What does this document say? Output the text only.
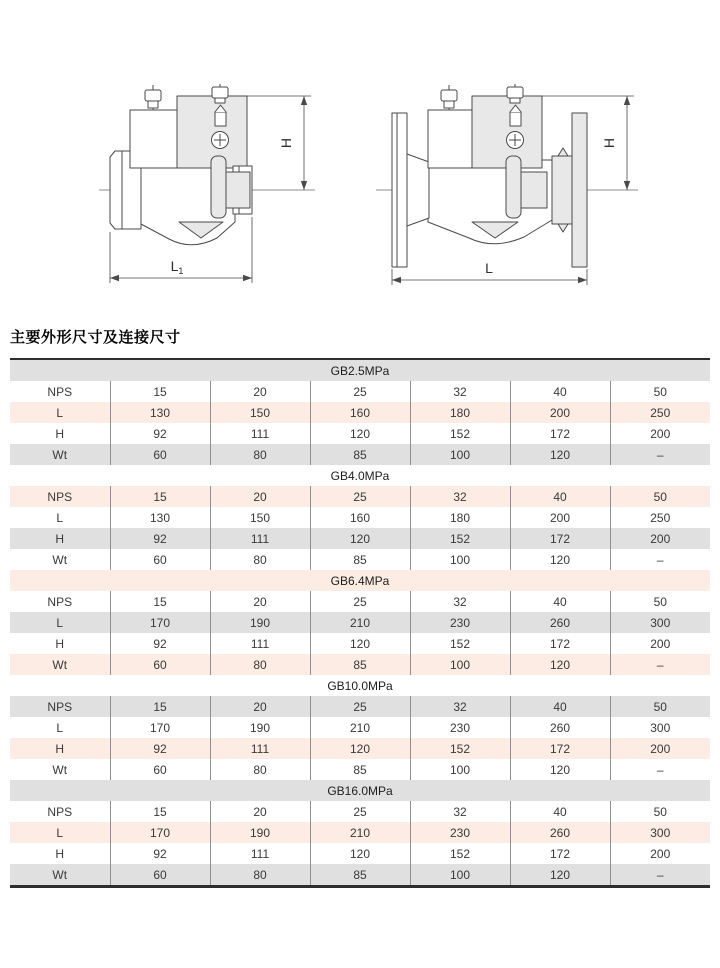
H
$L_1$
H
L
主要外形尺寸及连接尺寸
GB2.5MPa						
NPS	15	20	25	32	40	50
L	130	150	160	180	200	250
H	92	111	120	152	172	200
Wt	60	80	85	100	120	–
GB4.0MPa						
NPS	15	20	25	32	40	50
L	130	150	160	180	200	250
H	92	111	120	152	172	200
Wt	60	80	85	100	120	–
GB6.4MPa						
NPS	15	20	25	32	40	50
L	170	190	210	230	260	300
H	92	111	120	152	172	200
Wt	60	80	85	100	120	–
GB10.0MPa						
NPS	15	20	25	32	40	50
L	170	190	210	230	260	300
H	92	111	120	152	172	200
Wt	60	80	85	100	120	–
GB16.0MPa						
NPS	15	20	25	32	40	50
L	170	190	210	230	260	300
H	92	111	120	152	172	200
Wt	60	80	85	100	120	–
